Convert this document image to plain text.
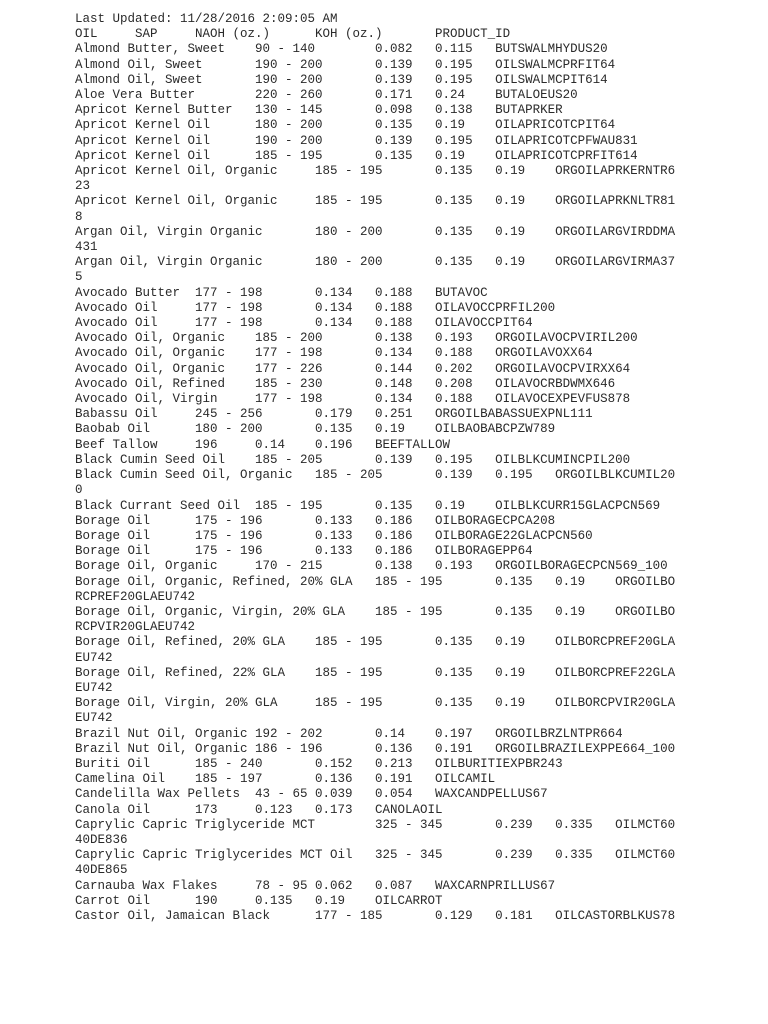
Last Updated: 11/28/2016 2:09:05 AM
OIL     SAP     NAOH (oz.)      KOH (oz.)       PRODUCT_ID
Almond Butter, Sweet    90 - 140        0.082   0.115   BUTSWALMHYDUS20
Almond Oil, Sweet       190 - 200       0.139   0.195   OILSWALMCPRFIT64
Almond Oil, Sweet       190 - 200       0.139   0.195   OILSWALMCPIT614
Aloe Vera Butter        220 - 260       0.171   0.24    BUTALOEUS20
Apricot Kernel Butter   130 - 145       0.098   0.138   BUTAPRKER
Apricot Kernel Oil      180 - 200       0.135   0.19    OILAPRICOTCPIT64
Apricot Kernel Oil      190 - 200       0.139   0.195   OILAPRICOTCPFWAU831
Apricot Kernel Oil      185 - 195       0.135   0.19    OILAPRICOTCPRFIT614
Apricot Kernel Oil, Organic     185 - 195       0.135   0.19    ORGOILAPRKERNTR6
23
Apricot Kernel Oil, Organic     185 - 195       0.135   0.19    ORGOILAPRKNLTR81
8
Argan Oil, Virgin Organic       180 - 200       0.135   0.19    ORGOILARGVIRDDMA
431
Argan Oil, Virgin Organic       180 - 200       0.135   0.19    ORGOILARGVIRMA37
5
Avocado Butter  177 - 198       0.134   0.188   BUTAVOC
Avocado Oil     177 - 198       0.134   0.188   OILAVOCCPRFIL200
Avocado Oil     177 - 198       0.134   0.188   OILAVOCCPIT64
Avocado Oil, Organic    185 - 200       0.138   0.193   ORGOILAVOCPVIRIL200
Avocado Oil, Organic    177 - 198       0.134   0.188   ORGOILAVOXX64
Avocado Oil, Organic    177 - 226       0.144   0.202   ORGOILAVOCPVIRXX64
Avocado Oil, Refined    185 - 230       0.148   0.208   OILAVOCRBDWMX646
Avocado Oil, Virgin     177 - 198       0.134   0.188   OILAVOCEXPEVFUS878
Babassu Oil     245 - 256       0.179   0.251   ORGOILBABASSUEXPNL111
Baobab Oil      180 - 200       0.135   0.19    OILBAOBABCPZW789
Beef Tallow     196     0.14    0.196   BEEFTALLOW
Black Cumin Seed Oil    185 - 205       0.139   0.195   OILBLKCUMINCPIL200
Black Cumin Seed Oil, Organic   185 - 205       0.139   0.195   ORGOILBLKCUMIL20
0
Black Currant Seed Oil  185 - 195       0.135   0.19    OILBLKCURR15GLACPCN569
Borage Oil      175 - 196       0.133   0.186   OILBORAGECPCA208
Borage Oil      175 - 196       0.133   0.186   OILBORAGE22GLACPCN560
Borage Oil      175 - 196       0.133   0.186   OILBORAGEPP64
Borage Oil, Organic     170 - 215       0.138   0.193   ORGOILBORAGECPCN569_100
Borage Oil, Organic, Refined, 20% GLA   185 - 195       0.135   0.19    ORGOILBO
RCPREF20GLAEU742
Borage Oil, Organic, Virgin, 20% GLA    185 - 195       0.135   0.19    ORGOILBO
RCPVIR20GLAEU742
Borage Oil, Refined, 20% GLA    185 - 195       0.135   0.19    OILBORCPREF20GLA
EU742
Borage Oil, Refined, 22% GLA    185 - 195       0.135   0.19    OILBORCPREF22GLA
EU742
Borage Oil, Virgin, 20% GLA     185 - 195       0.135   0.19    OILBORCPVIR20GLA
EU742
Brazil Nut Oil, Organic 192 - 202       0.14    0.197   ORGOILBRZLNTPR664
Brazil Nut Oil, Organic 186 - 196       0.136   0.191   ORGOILBRAZILEXPPE664_100
Buriti Oil      185 - 240       0.152   0.213   OILBURITIEXPBR243
Camelina Oil    185 - 197       0.136   0.191   OILCAMIL
Candelilla Wax Pellets  43 - 65 0.039   0.054   WAXCANDPELLUS67
Canola Oil      173     0.123   0.173   CANOLAOIL
Caprylic Capric Triglyceride MCT        325 - 345       0.239   0.335   OILMCT60
40DE836
Caprylic Capric Triglycerides MCT Oil   325 - 345       0.239   0.335   OILMCT60
40DE865
Carnauba Wax Flakes     78 - 95 0.062   0.087   WAXCARNPRILLUS67
Carrot Oil      190     0.135   0.19    OILCARROT
Castor Oil, Jamaican Black      177 - 185       0.129   0.181   OILCASTORBLKUS78
